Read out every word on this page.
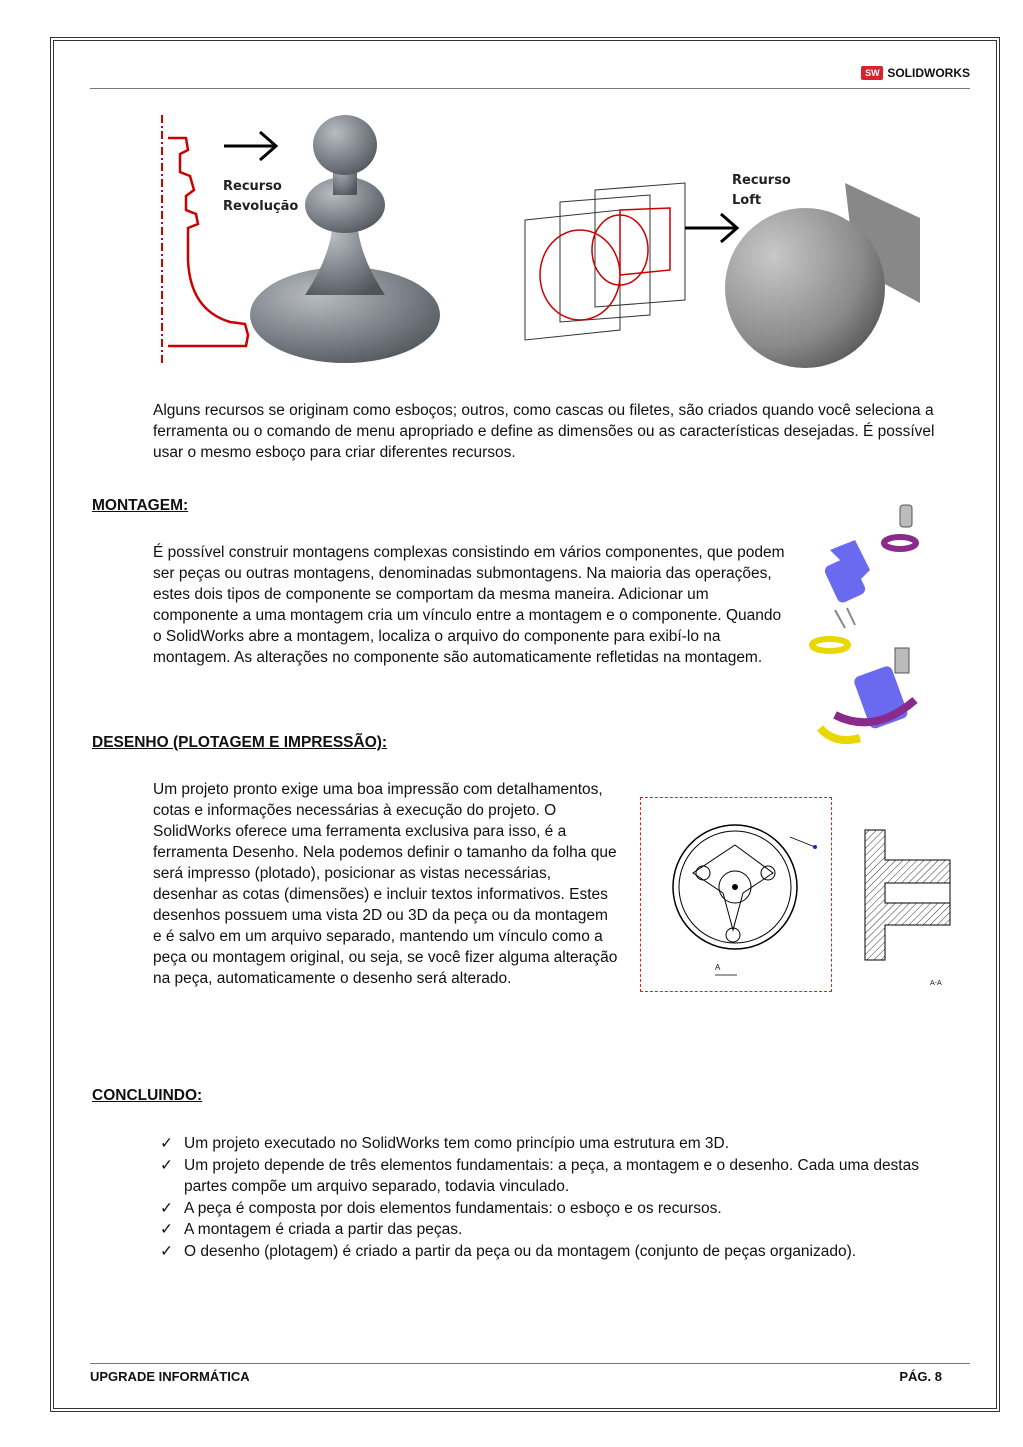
SW SOLIDWORKS
Recurso
Revolução
Recurso
Loft

Alguns recursos se originam como esboços; outros, como cascas ou filetes, são criados quando você seleciona a ferramenta ou o comando de menu apropriado e define as dimensões ou as características desejadas. É possível usar o mesmo esboço para criar diferentes recursos.

MONTAGEM:

É possível construir montagens complexas consistindo em vários componentes, que podem ser peças ou outras montagens, denominadas submontagens. Na maioria das operações, estes dois tipos de componente se comportam da mesma maneira. Adicionar um componente a uma montagem cria um vínculo entre a montagem e o componente. Quando o SolidWorks abre a montagem, localiza o arquivo do componente para exibí-lo na montagem. As alterações no componente são automaticamente refletidas na montagem.

DESENHO (PLOTAGEM E IMPRESSÃO):

Um projeto pronto exige uma boa impressão com detalhamentos, cotas e informações necessárias à execução do projeto. O SolidWorks oferece uma ferramenta exclusiva para isso, é a ferramenta Desenho. Nela podemos definir o tamanho da folha que será impresso (plotado), posicionar as vistas necessárias, desenhar as cotas (dimensões) e incluir textos informativos. Estes desenhos possuem uma vista 2D ou 3D da peça ou da montagem e é salvo em um arquivo separado, mantendo um vínculo como a peça ou montagem original, ou seja, se você fizer alguma alteração na peça, automaticamente o desenho será alterado.

A
A-A
CONCLUINDO:
✓ Um projeto executado no SolidWorks tem como princípio uma estrutura em 3D.
✓ Um projeto depende de três elementos fundamentais: a peça, a montagem e o desenho. Cada uma destas partes compõe um arquivo separado, todavia vinculado.
✓ A peça é composta por dois elementos fundamentais: o esboço e os recursos.
✓ A montagem é criada a partir das peças.
✓ O desenho (plotagem) é criado a partir da peça ou da montagem (conjunto de peças organizado).
UPGRADE INFORMÁTICA	PÁG. 8
